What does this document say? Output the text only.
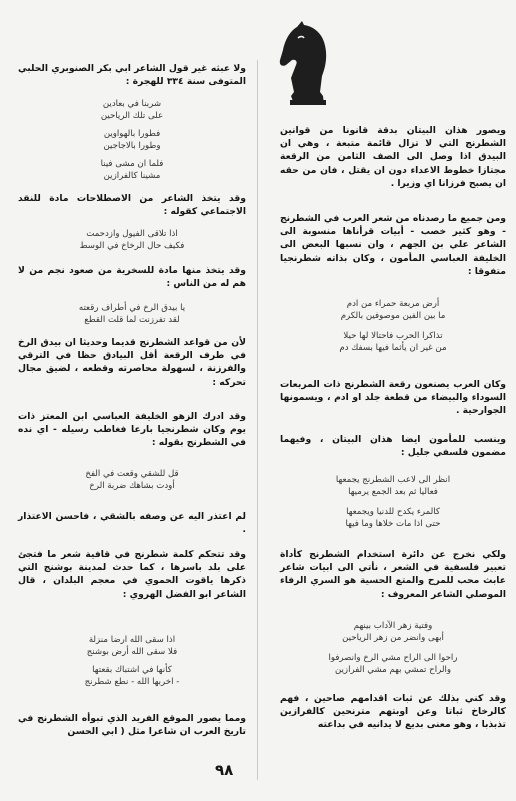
ويصور هذان البيتان بدقة قانونا من قوانين الشطرنج التي لا تزال قائمة متبعة ، وهي ان البيدق اذا وصل الى الصف الثامن من الرقعة مجتازا خطوط الاعداء دون ان يقتل ، فان من حقه ان يصبح فرزانا اي وزيرا .

ومن جميع ما رصدناه من شعر العرب في الشطرنج - وهو كثير خصب - أبيات قرأناها منسوبة الى الشاعر علي بن الجهم ، وان نسبها البعض الى الخليفة العباسي المأمون ، وكان بذاته شطرنجيا متفوقا :

أرض مربعة حمراء من ادم
ما بين الفين موصوفين بالكرم
تذاكرا الحرب فاحتالا لها حيلا
من غير ان يأثما فيها بسفك دم

وكان العرب يصنعون رقعة الشطرنج ذات المربعات السوداء والبيضاء من قطعة جلد او ادم ، ويسمونها الجوارحية .

وينسب للمأمون ايضا هذان البيتان ، وفيهما مضمون فلسفي جليل :

انظر الى لاعب الشطرنج يجمعها
فعاليا ثم بعد الجمع يرميها
كالمرء يكدح للدنيا ويجمعها
حتى اذا مات خلاها وما فيها

ولكي نخرج عن دائرة استخدام الشطرنج كأداة تعبير فلسفية في الشعر ، نأتي الى ابيات شاعر عابث محب للمرح والمتع الحسية هو السري الرفاء الموصلي الشاعر المعروف :

وفتية زهر الآداب بينهم
أبهى وانضر من زهر الرياحين
راحوا الى الراح مشي الرخ وانصرفوا
والراح تمشي بهم مشي الفرازين

وقد كني بذلك عن ثبات اقدامهم صاحين ، فهم كالرخاخ ثباتا وعن اوبتهم مترنحين كالفرازين تذبذبا ، وهو معنى بديع لا يدانيه في بداعته

ولا عبثه غير قول الشاعر ابي بكر الصنوبري الحلبي المتوفى سنة ٣٣٤ للهجرة :

شربنا في بعادين
على تلك الرياحين
فطورا بالهواوين
وطورا بالاجاجين
فلما ان مشى فينا
مشينا كالفرازين

وقد يتخذ الشاعر من الاصطلاحات مادة للنقد الاجتماعي كقوله :

اذا تلاقى الفيول وازدحمت
فكيف حال الرخاخ في الوسط

وقد يتخذ منها مادة للسخرية من صعود نجم من لا هم له من الناس :

يا بيدق الرخ في أطراف رقعته
لقد تفرزنت لما قلت القطع

لأن من قواعد الشطرنج قديما وحديثا ان بيدق الرخ في طرف الرقعة أقل البيادق حظا في الترقي والفرزنة ، لسهولة محاصرته وقطعه ، لضيق مجال تحركه :

وقد ادرك الزهو الخليفة العباسي ابن المعتز ذات يوم وكان شطرنجيا بارعا فغاطب رسيله - اي نده في الشطرنج بقوله :

قل للشقي وقعت في الفخ
أودت بشاهك ضربة الرخ

لم اعتذر اليه عن وصفه بالشقي ، فاحسن الاعتذار .

وقد تتحكم كلمة شطرنج في قافية شعر ما فتجئ على بلد باسرها ، كما حدث لمدينة بوشنج التي ذكرها ياقوت الحموي في معجم البلدان ، قال الشاعر ابو الفضل الهروي :

اذا سقى الله ارضا منزلة
فلا سقى الله أرض بوشنج
كأنها في اشتباك بقعتها
- اخربها الله - نطع شطرنج

ومما يصور الموقع الفريد الذي تبوأه الشطرنج في تاريخ العرب ان شاعرا مثل ( ابي الحسن

٩٨
